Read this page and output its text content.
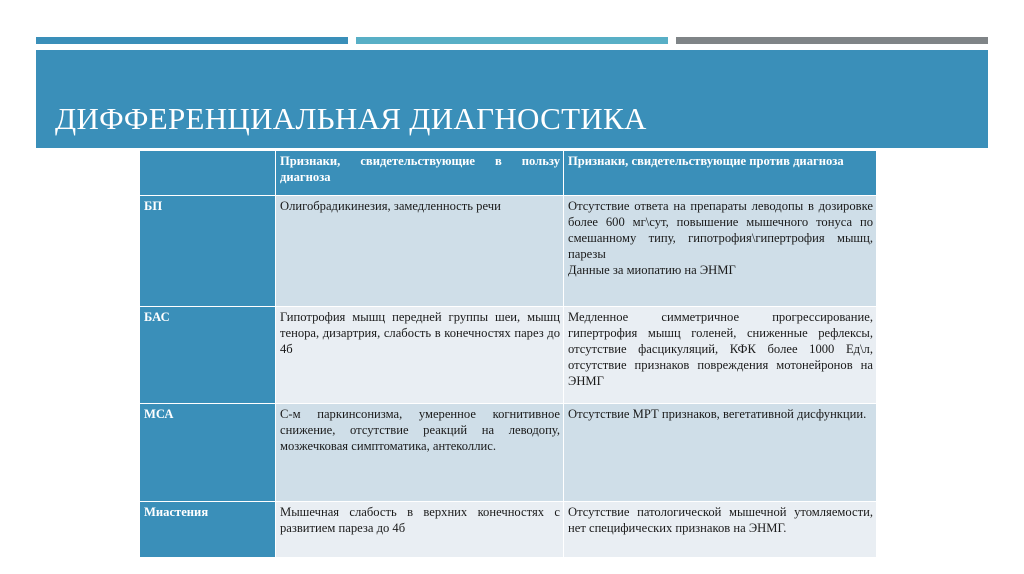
ДИФФЕРЕНЦИАЛЬНАЯ ДИАГНОСТИКА
	Признаки, свидетельствующие в пользу диагноза	Признаки, свидетельствующие против диагноза
БП	Олигобрадикинезия, замедленность речи	Отсутствие ответа на препараты леводопы в дозировке более 600 мг\сут, повышение мышечного тонуса по смешанному типу, гипотрофия\гипертрофия мышц, парезы
Данные за миопатию на ЭНМГ

БАС	Гипотрофия мышц передней группы шеи, мышц тенора, дизартрия, слабость в конечностях парез до 4б	Медленное симметричное прогрессирование, гипертрофия мышц голеней, сниженные рефлексы, отсутствие фасцикуляций, КФК более 1000 Ед\л, отсутствие признаков повреждения мотонейронов на ЭНМГ
МСА	С-м паркинсонизма, умеренное когнитивное снижение, отсутствие реакций на леводопу, мозжечковая симптоматика, антеколлис.	Отсутствие МРТ признаков, вегетативной дисфункции.
Миастения	Мышечная слабость в верхних конечностях с развитием пареза до 4б	Отсутствие патологической мышечной утомляемости, нет специфических признаков на ЭНМГ.
